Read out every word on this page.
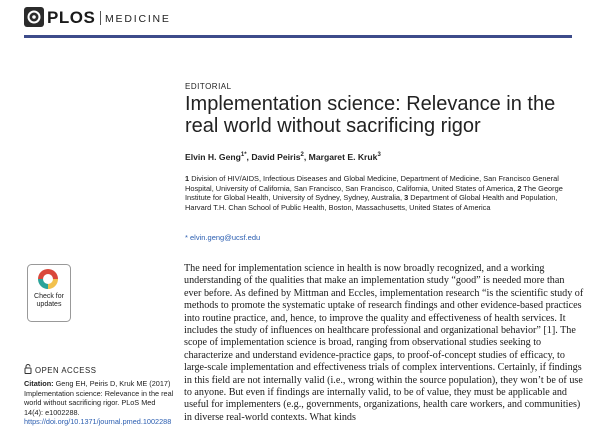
PLOS MEDICINE
EDITORIAL
Implementation science: Relevance in the real world without sacrificing rigor
Elvin H. Geng$^{1*}$, David Peiris$^2$, Margaret E. Kruk$^3$
1 Division of HIV/AIDS, Infectious Diseases and Global Medicine, Department of Medicine, San Francisco General Hospital, University of California, San Francisco, San Francisco, California, United States of America, 2 The George Institute for Global Health, University of Sydney, Sydney, Australia, 3 Department of Global Health and Population, Harvard T.H. Chan School of Public Health, Boston, Massachusetts, United States of America
* elvin.geng@ucsf.edu
The need for implementation science in health is now broadly recognized, and a working understanding of the qualities that make an implementation study “good” is needed more than ever before. As defined by Mittman and Eccles, implementation research “is the scientific study of methods to promote the systematic uptake of research findings and other evidence-based practices into routine practice, and, hence, to improve the quality and effectiveness of health services. It includes the study of influences on healthcare professional and organizational behavior” [1]. The scope of implementation science is broad, ranging from observational studies seeking to characterize and understand evidence-practice gaps, to proof-of-concept studies of efficacy, to large-scale implementation and effectiveness trials of complex interventions. Certainly, if findings in this field are not internally valid (i.e., wrong within the source population), they won’t be of use to anyone. But even if findings are internally valid, to be of value, they must be applicable and useful for implementers (e.g., governments, organizations, health care workers, and communities) in diverse real-world contexts. What kinds
Check for
updates
OPEN ACCESS
Citation: Geng EH, Peiris D, Kruk ME (2017) Implementation science: Relevance in the real world without sacrificing rigor. PLoS Med 14(4): e1002288. https://doi.org/10.1371/journal.pmed.1002288
